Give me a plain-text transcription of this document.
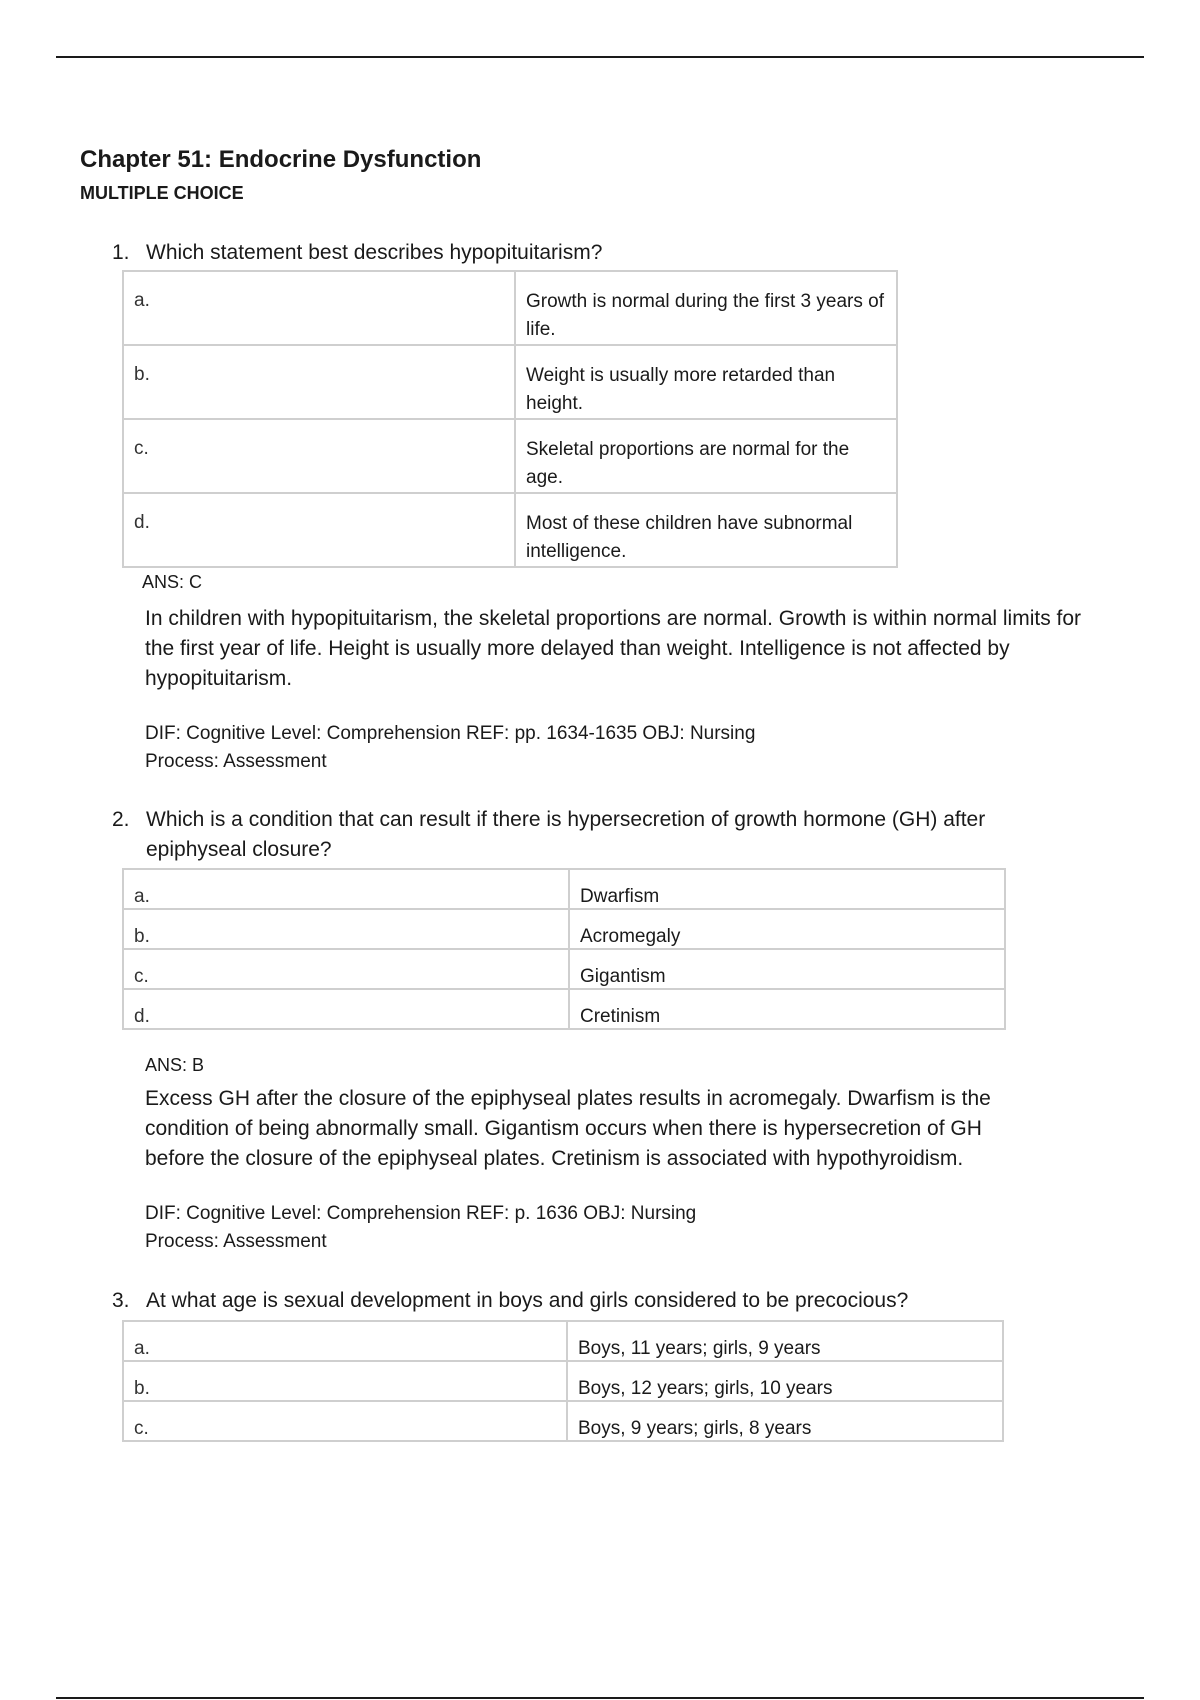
Chapter 51: Endocrine Dysfunction
MULTIPLE CHOICE
1. Which statement best describes hypopituitarism?
a.	Growth is normal during the first 3 years of life.
b.	Weight is usually more retarded than height.
c.	Skeletal proportions are normal for the age.
d.	Most of these children have subnormal intelligence.
ANS: C
In children with hypopituitarism, the skeletal proportions are normal. Growth is within normal limits for the first year of life. Height is usually more delayed than weight. Intelligence is not affected by hypopituitarism.
DIF: Cognitive Level: Comprehension REF: pp. 1634-1635 OBJ: Nursing
Process: Assessment
2. Which is a condition that can result if there is hypersecretion of growth hormone (GH) after epiphyseal closure?
a.	Dwarfism
b.	Acromegaly
c.	Gigantism
d.	Cretinism
ANS: B
Excess GH after the closure of the epiphyseal plates results in acromegaly. Dwarfism is the condition of being abnormally small. Gigantism occurs when there is hypersecretion of GH before the closure of the epiphyseal plates. Cretinism is associated with hypothyroidism.
DIF: Cognitive Level: Comprehension REF: p. 1636 OBJ: Nursing
Process: Assessment
3. At what age is sexual development in boys and girls considered to be precocious?
a.	Boys, 11 years; girls, 9 years
b.	Boys, 12 years; girls, 10 years
c.	Boys, 9 years; girls, 8 years
